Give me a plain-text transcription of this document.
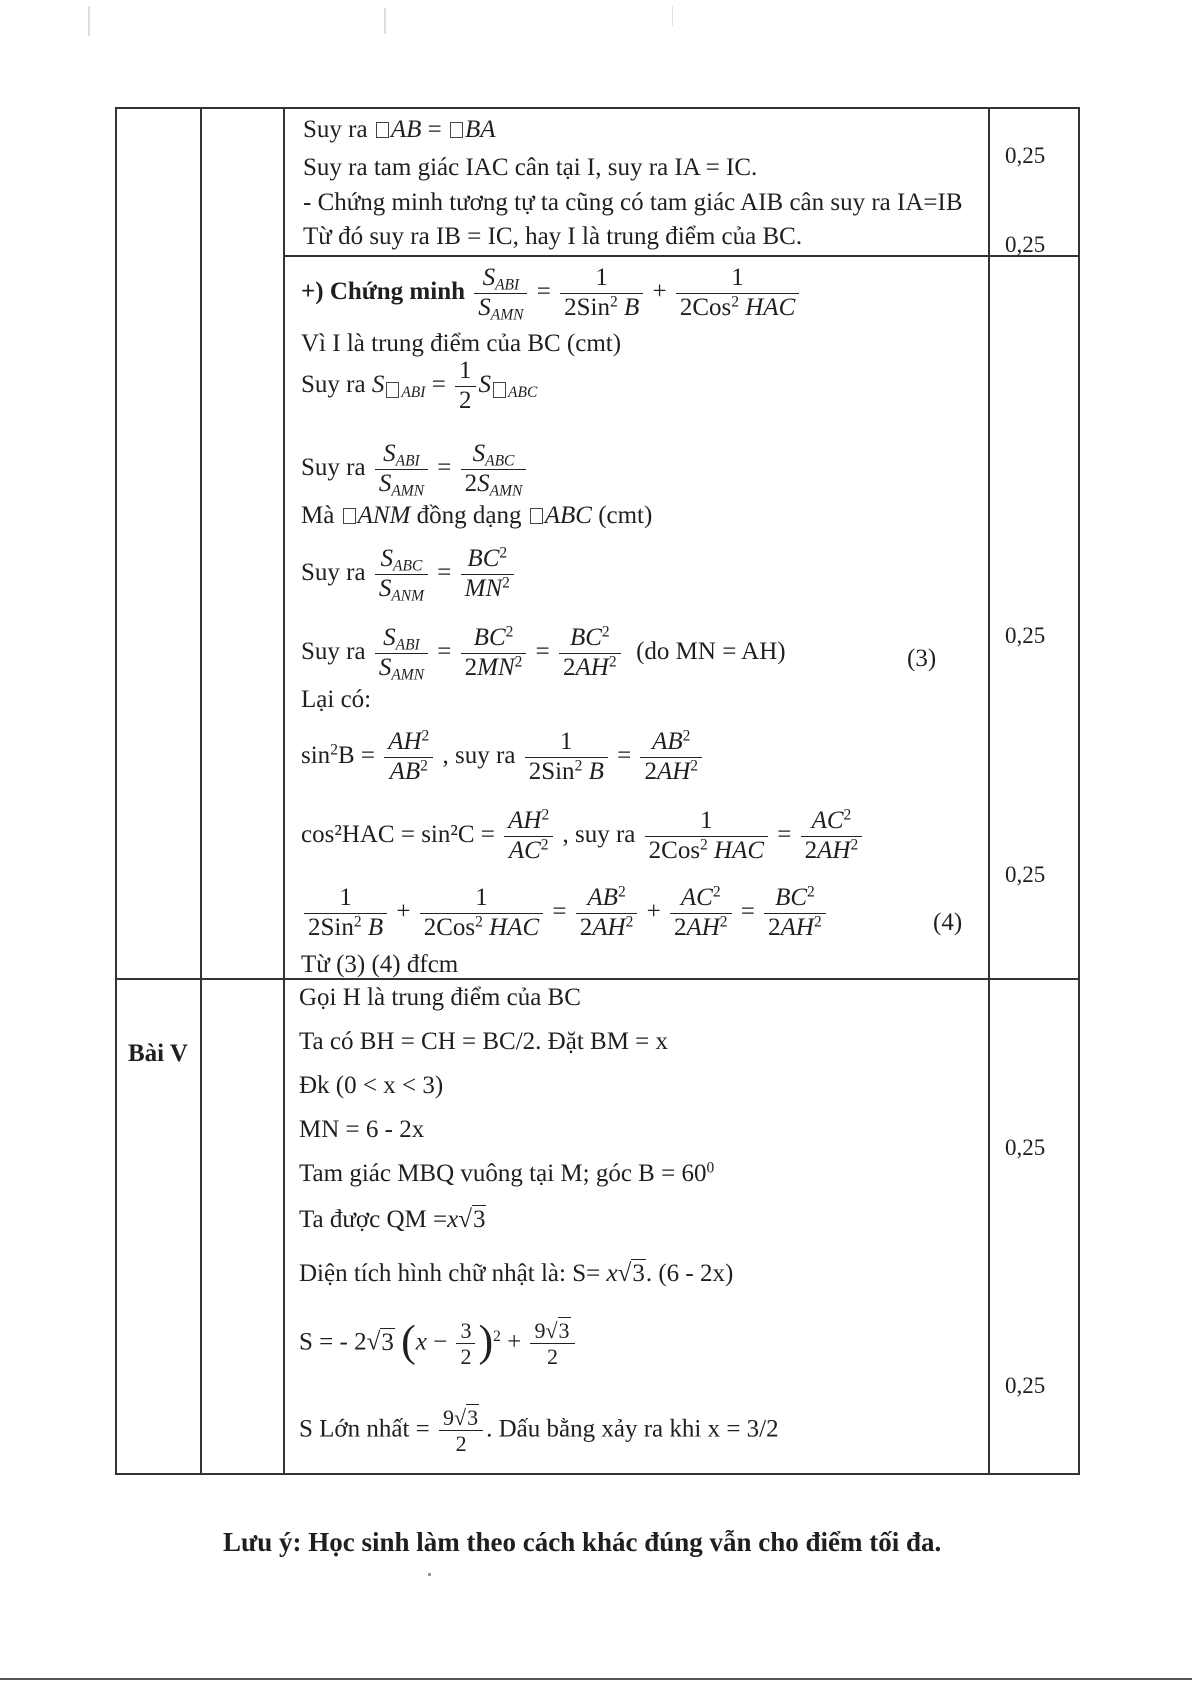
Suy ra AB = BA
Suy ra tam giác IAC cân tại I, suy ra IA = IC.
- Chứng minh tương tự ta cũng có tam giác AIB cân suy ra IA=IB
Từ đó suy ra IB = IC, hay I là trung điểm của BC.
0,25
0,25
+) Chứng minh $\frac{S_{ABI}}{S_{AMN}} = \frac{1}{2Sin^2 B} + \frac{1}{2Cos^2 HAC}$
Vì I là trung điểm của BC (cmt)
Suy ra S $_{ABI} = \frac{1}{2}$ S $_{ABC}$
Suy ra $\frac{S_{ABI}}{S_{AMN}} = \frac{S_{ABC}}{2S_{AMN}}$
Mà ANM đồng dạng ABC (cmt)
Suy ra $\frac{S_{ABC}}{S_{ANM}} = \frac{BC^2}{MN^2}$
Suy ra $\frac{S_{ABI}}{S_{AMN}} = \frac{BC^2}{2MN^2} = \frac{BC^2}{2AH^2} (do$ MN = AH)	(3)
0,25
Lại có:
$\sin^2B = \frac{AH^2}{AB^2}$ , suy ra $\frac{1}{2Sin^2 B} = \frac{AB^2}{2AH^2}$
$\cos^2HAC = \sin^2C = \frac{AH^2}{AC^2}$ , suy ra $\frac{1}{2Cos^2 HAC} = \frac{AC^2}{2AH^2}$
0,25
$\frac{1}{2Sin^2 B} + \frac{1}{2Cos^2 HAC} = \frac{AB^2}{2AH^2} + \frac{AC^2}{2AH^2} = \frac{BC^2}{2AH^2}$	(4)
Từ (3) (4) đfcm
Bài V
Gọi H là trung điểm của BC
Ta có BH = CH = BC/2. Đặt BM = x
Đk (0 < x < 3)
MN = 6 - 2x
Tam giác MBQ vuông tại M; góc $B = 60^0$
Ta được QM =x√3
Diện tích hình chữ nhật là: S= x√3. (6 - 2x)
S = - 2√3 $(x - \frac{3}{2} )^2 + \frac{9√3}{2}$
S Lớn nhất = $\frac{9√3}{2}$ . Dấu bằng xảy ra khi x = 3/2
0,25
0,25
Lưu ý: Học sinh làm theo cách khác đúng vẫn cho điểm tối đa.
